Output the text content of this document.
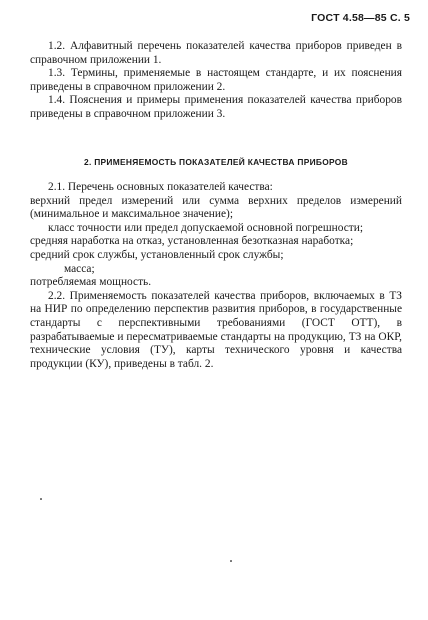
ГОСТ 4.58—85 С. 5

1.2. Алфавитный перечень показателей качества приборов приведен в справочном приложении 1.

1.3. Термины, применяемые в настоящем стандарте, и их пояснения приведены в справочном приложении 2.

1.4. Пояснения и примеры применения показателей качества приборов приведены в справочном приложении 3.

2. ПРИМЕНЯЕМОСТЬ ПОКАЗАТЕЛЕЙ КАЧЕСТВА ПРИБОРОВ

2.1. Перечень основных показателей качества:

верхний предел измерений или сумма верхних пределов измерений (минимальное и максимальное значение);

класс точности или предел допускаемой основной погрешности;

средняя наработка на отказ, установленная безотказная наработка;

средний срок службы, установленный срок службы;

масса;

потребляемая мощность.

2.2. Применяемость показателей качества приборов, включаемых в ТЗ на НИР по определению перспектив развития приборов, в государственные стандарты с перспективными требованиями (ГОСТ ОТТ), в разрабатываемые и пересматриваемые стандарты на продукцию, ТЗ на ОКР, технические условия (ТУ), карты технического уровня и качества продукции (КУ), приведены в табл. 2.
